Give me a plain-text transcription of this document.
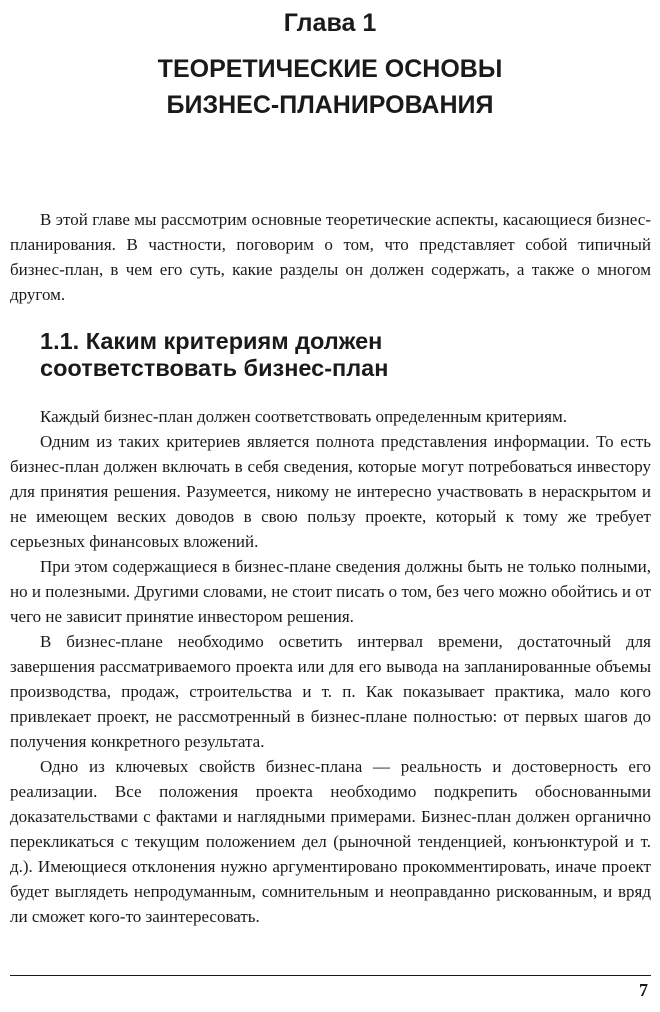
Глава 1
ТЕОРЕТИЧЕСКИЕ ОСНОВЫ
БИЗНЕС-ПЛАНИРОВАНИЯ

В этой главе мы рассмотрим основные теоретические аспекты, касающиеся бизнес-планирования. В частности, поговорим о том, что представляет собой типичный бизнес-план, в чем его суть, какие разделы он должен содержать, а также о многом другом.

1.1. Каким критериям должен
соответствовать бизнес-план

Каждый бизнес-план должен соответствовать определенным критериям.

Одним из таких критериев является полнота представления информации. То есть бизнес-план должен включать в себя сведения, которые могут потребоваться инвестору для принятия решения. Разумеется, никому не интересно участвовать в нераскрытом и не имеющем веских доводов в свою пользу проекте, который к тому же требует серьезных финансовых вложений.

При этом содержащиеся в бизнес-плане сведения должны быть не только полными, но и полезными. Другими словами, не стоит писать о том, без чего можно обойтись и от чего не зависит принятие инвестором решения.

В бизнес-плане необходимо осветить интервал времени, достаточный для завершения рассматриваемого проекта или для его вывода на запланированные объемы производства, продаж, строительства и т. п. Как показывает практика, мало кого привлекает проект, не рассмотренный в бизнес-плане полностью: от первых шагов до получения конкретного результата.

Одно из ключевых свойств бизнес-плана — реальность и достоверность его реализации. Все положения проекта необходимо подкрепить обоснованными доказательствами с фактами и наглядными примерами. Бизнес-план должен органично перекликаться с текущим положением дел (рыночной тенденцией, конъюнктурой и т. д.). Имеющиеся отклонения нужно аргументировано прокомментировать, иначе проект будет выглядеть непродуманным, сомнительным и неоправданно рискованным, и вряд ли сможет кого-то заинтересовать.

7
